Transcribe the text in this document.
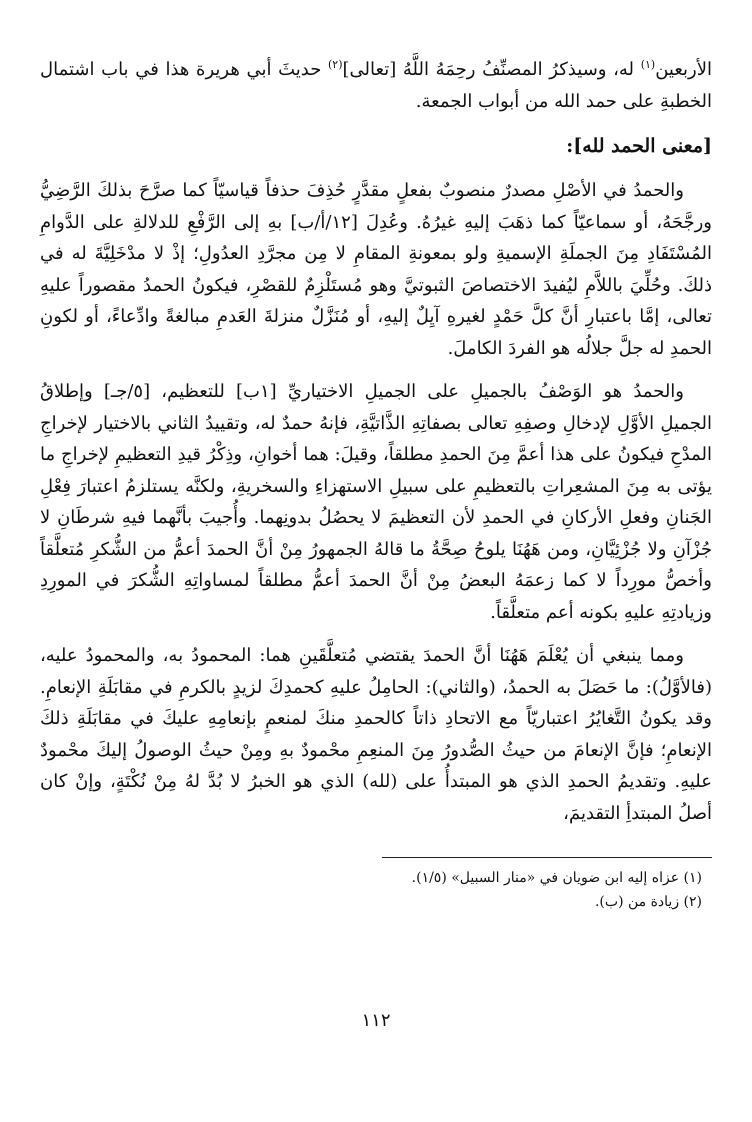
الأربعين$^{(١)}$ له، وسيذكرُ المصنِّفُ رحِمَهُ اللَّهُ [تعالى]$^{(٢)}$ حديثَ أبي هريرة هذا في باب اشتمال الخطبةِ على حمد الله من أبواب الجمعة.

[معنى الحمد لله]:

والحمدُ في الأصْلِ مصدرٌ منصوبٌ بفعلٍ مقدَّرٍ حُذِفَ حذفاً قياسيّاً كما صرَّحَ بذلكَ الرَّضِيُّ ورجَّحَهُ، أو سماعيّاً كما ذهَبَ إليهِ غيرُهُ. وعُدِلَ [١٢/أ/ب] بهِ إلى الرَّفْعِ للدلالةِ على الدَّوامِ المُسْتَفَادِ مِنَ الجملَةِ الإسميةِ ولو بمعونةِ المقامِ لا مِن مجرَّدِ العدُولِ؛ إذْ لا مدْخَلِيَّةَ له في ذلكَ. وحُلِّيَ باللاَّمِ ليُفيدَ الاختصاصَ الثبوتيَّ وهو مُستَلْزِمٌ للقصْرِ، فيكونُ الحمدُ مقصوراً عليهِ تعالى، إمَّا باعتبارِ أنَّ كلَّ حَمْدٍ لغيرهِ آيِلٌ إليهِ، أو مُنَزَّلٌ منزلةَ العَدمِ مبالغةً وادِّعاءً، أو لكونِ الحمدِ له جلَّ جلالُه هو الفردَ الكاملَ.

والحمدُ هو الوَصْفُ بالجميلِ على الجميلِ الاختياريِّ [١ب] للتعظيم، [٥/جـ] وإطلاقُ الجميلِ الأوَّلِ لإدخالِ وصفِهِ تعالى بصفاتِهِ الذَّاتيَّةِ، فإنهُ حمدٌ له، وتقييدُ الثاني بالاختيار لإخراجِ المدْحِ فيكونُ على هذا أعمَّ مِنَ الحمدِ مطلقاً، وقيلَ: هما أخوانِ، وذِكْرُ قيدِ التعظيمِ لإخراجِ ما يؤتى به مِنَ المشعِراتِ بالتعظيمِ على سبيلِ الاستهزاءِ والسخريةِ، ولكنَّه يستلزمُ اعتبارَ فِعْلِ الجَنانِ وفعلِ الأركانِ في الحمدِ لأن التعظيمَ لا يحصُلُ بدونِهما. وأُجيبَ بأنَّهما فيهِ شرطَانِ لا جُزْآنِ ولا جُزْئِيَّانِ، ومن هَهُنَا يلوحُ صِحَّةُ ما قالهُ الجمهورُ مِنْ أنَّ الحمدَ أعمُّ من الشُّكرِ مُتعلَّقاً وأخصُّ مورِداً لا كما زعمَهُ البعضُ مِنْ أنَّ الحمدَ أعمُّ مطلقاً لمساواتِهِ الشُّكرَ في المورِدِ وزيادتِهِ عليهِ بكونه أعم متعلَّقاً.

ومما ينبغي أن يُعْلَمَ هَهُنَا أنَّ الحمدَ يقتضي مُتعلَّقَينِ هما: المحمودُ به، والمحمودُ عليه، (فالأوَّلُ): ما حَصَلَ به الحمدُ، (والثاني): الحامِلُ عليهِ كحمدِكَ لزيدٍ بالكرمِ في مقابَلَةِ الإنعامِ. وقد يكونُ التَّغايُرُ اعتباريّاً مع الاتحادِ ذاتاً كالحمدِ منكَ لمنعمٍ بإنعامِهِ عليكَ في مقابَلَةِ ذلكَ الإنعامِ؛ فإنَّ الإنعامَ من حيثُ الصُّدورُ مِنَ المنعِمِ محْمودٌ بهِ ومِنْ حيثُ الوصولُ إليكَ محْمودٌ عليهِ. وتقديمُ الحمدِ الذي هو المبتدأُ على (لله) الذي هو الخبرُ لا بُدَّ لهُ مِنْ نُكْتَةٍ، وإنْ كان أصلُ المبتدأِ التقديمَ،

(١) عزاه إليه ابن ضويان في «منار السبيل» (١/٥).

(٢) زيادة من (ب).

١١٢
